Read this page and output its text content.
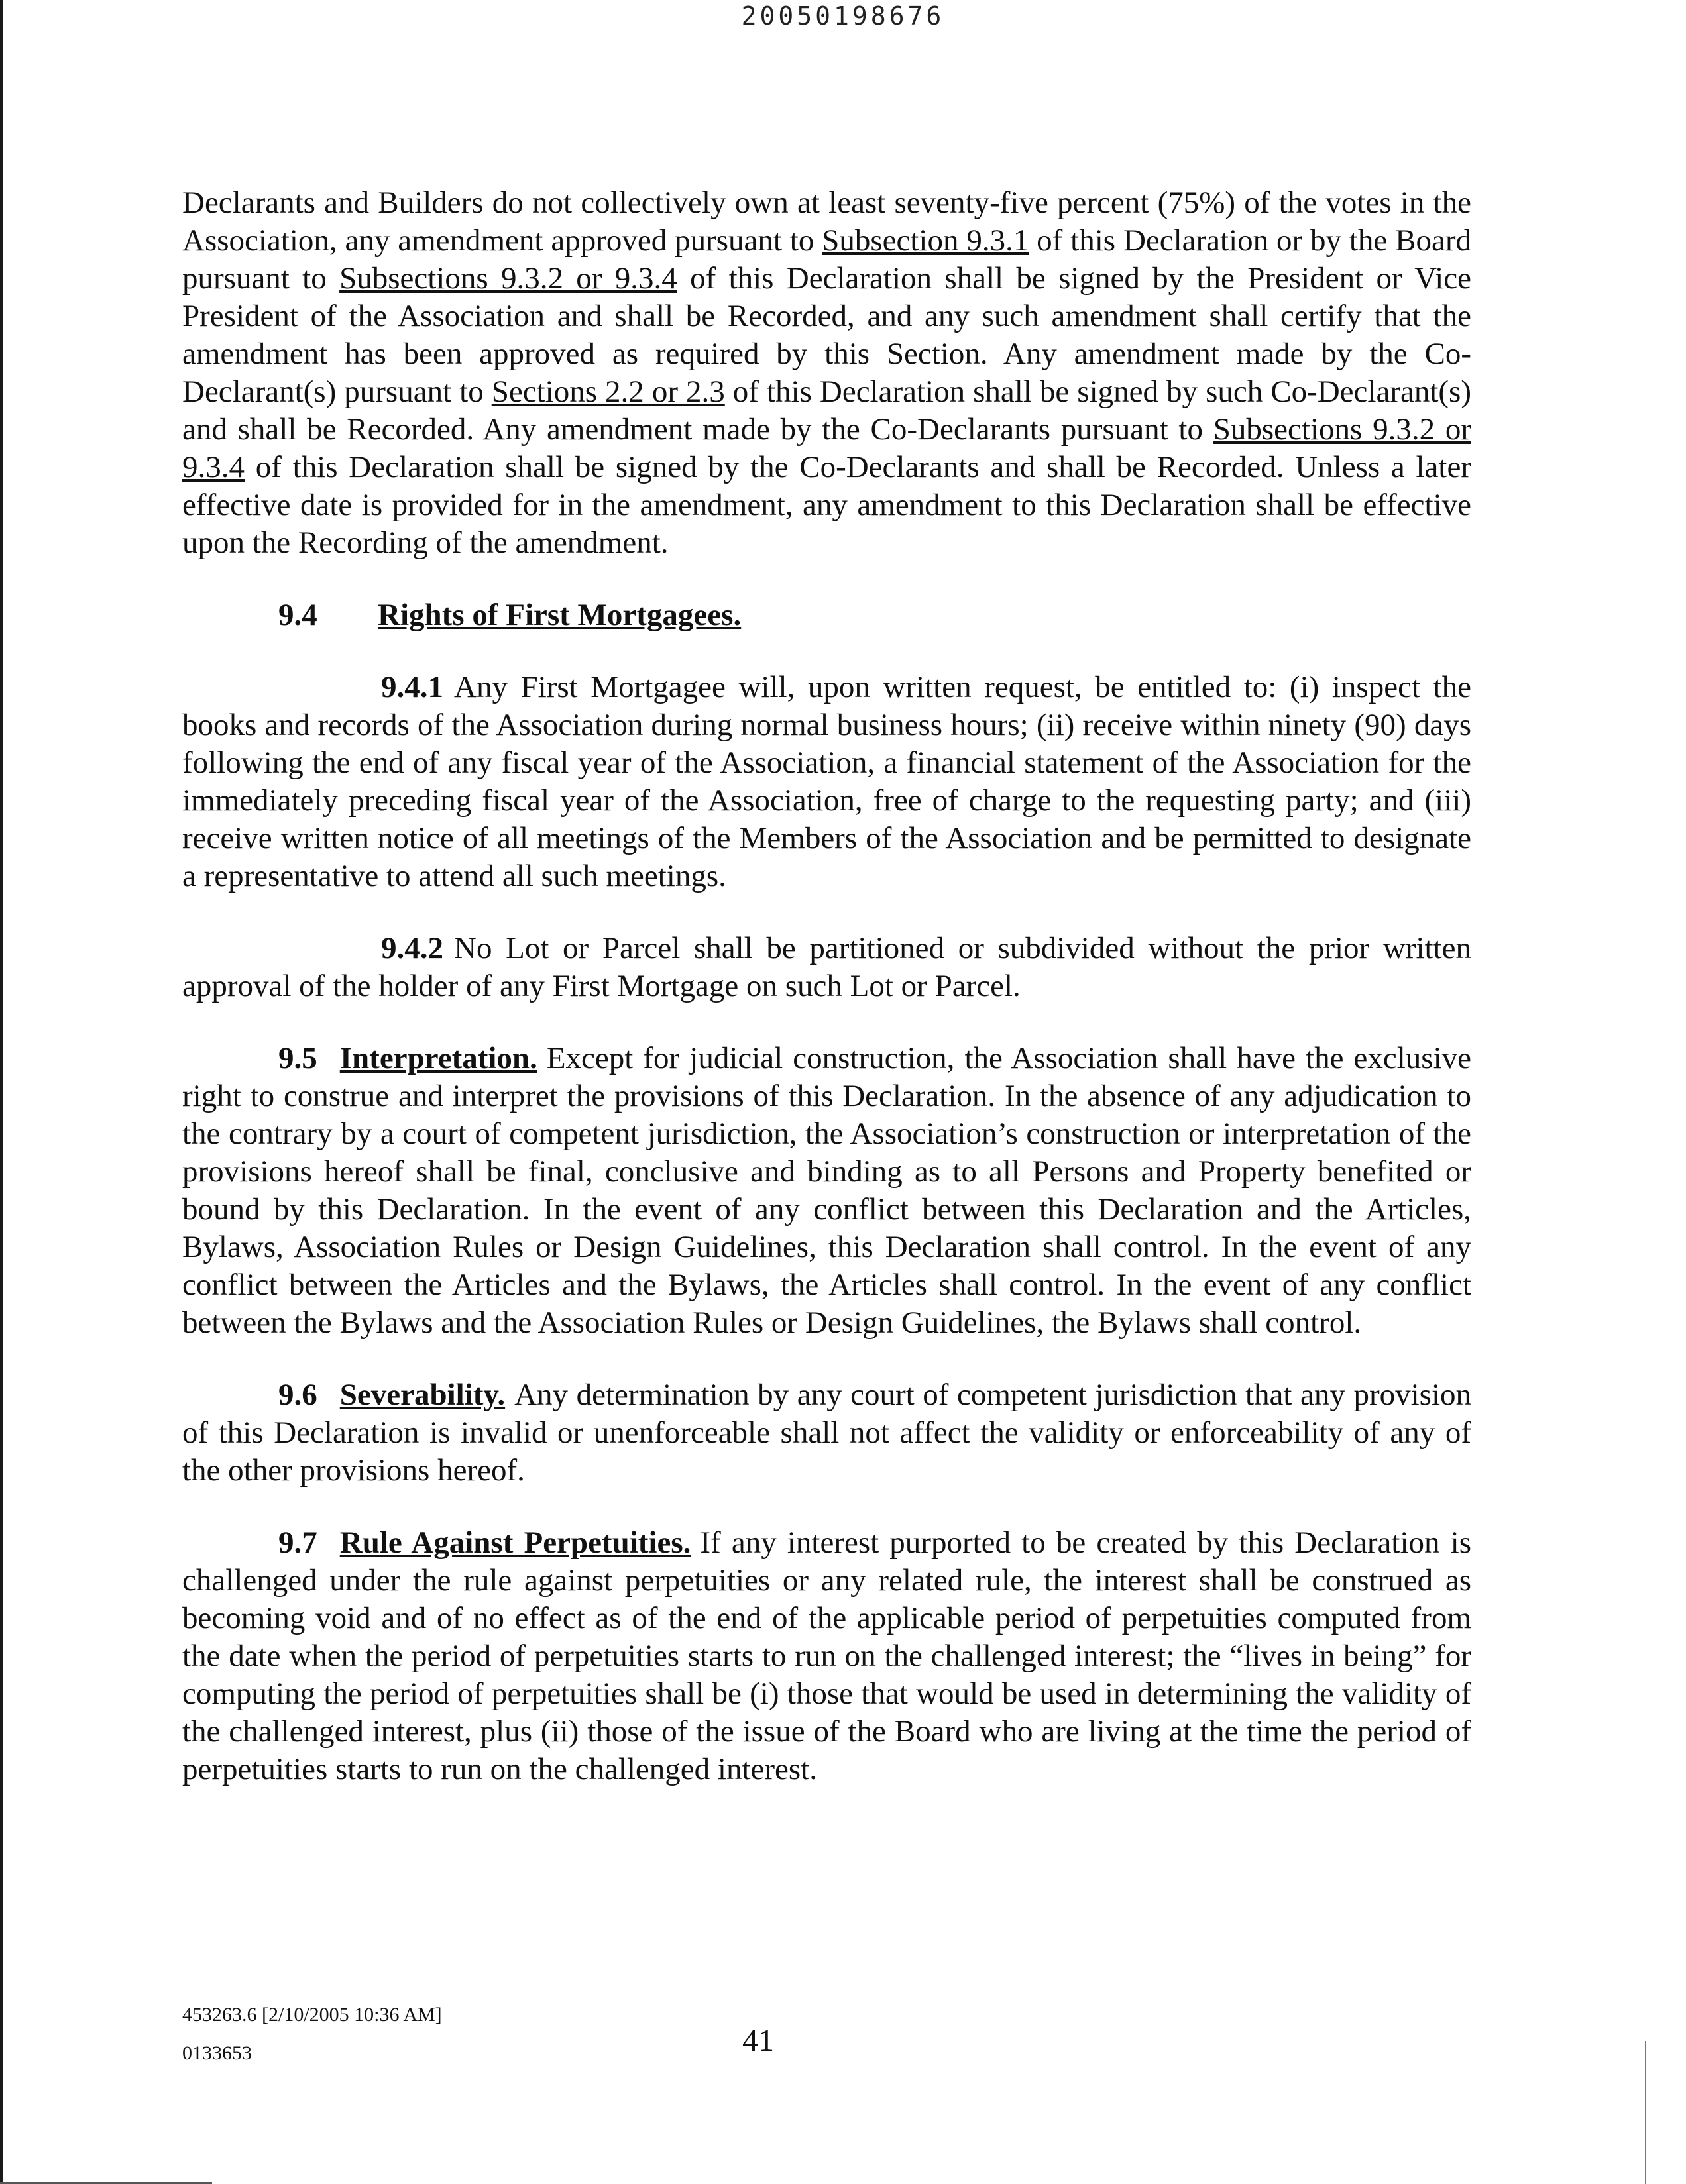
20050198676

Declarants and Builders do not collectively own at least seventy-five percent (75%) of the votes in the Association, any amendment approved pursuant to Subsection 9.3.1 of this Declaration or by the Board pursuant to Subsections 9.3.2 or 9.3.4 of this Declaration shall be signed by the President or Vice President of the Association and shall be Recorded, and any such amendment shall certify that the amendment has been approved as required by this Section. Any amendment made by the Co-Declarant(s) pursuant to Sections 2.2 or 2.3 of this Declaration shall be signed by such Co-Declarant(s) and shall be Recorded. Any amendment made by the Co-Declarants pursuant to Subsections 9.3.2 or 9.3.4 of this Declaration shall be signed by the Co-Declarants and shall be Recorded. Unless a later effective date is provided for in the amendment, any amendment to this Declaration shall be effective upon the Recording of the amendment.

9.4 Rights of First Mortgagees.

9.4.1 Any First Mortgagee will, upon written request, be entitled to: (i) inspect the books and records of the Association during normal business hours; (ii) receive within ninety (90) days following the end of any fiscal year of the Association, a financial statement of the Association for the immediately preceding fiscal year of the Association, free of charge to the requesting party; and (iii) receive written notice of all meetings of the Members of the Association and be permitted to designate a representative to attend all such meetings.

9.4.2 No Lot or Parcel shall be partitioned or subdivided without the prior written approval of the holder of any First Mortgage on such Lot or Parcel.

9.5 Interpretation. Except for judicial construction, the Association shall have the exclusive right to construe and interpret the provisions of this Declaration. In the absence of any adjudication to the contrary by a court of competent jurisdiction, the Association’s construction or interpretation of the provisions hereof shall be final, conclusive and binding as to all Persons and Property benefited or bound by this Declaration. In the event of any conflict between this Declaration and the Articles, Bylaws, Association Rules or Design Guidelines, this Declaration shall control. In the event of any conflict between the Articles and the Bylaws, the Articles shall control. In the event of any conflict between the Bylaws and the Association Rules or Design Guidelines, the Bylaws shall control.

9.6 Severability. Any determination by any court of competent jurisdiction that any provision of this Declaration is invalid or unenforceable shall not affect the validity or enforceability of any of the other provisions hereof.

9.7 Rule Against Perpetuities. If any interest purported to be created by this Declaration is challenged under the rule against perpetuities or any related rule, the interest shall be construed as becoming void and of no effect as of the end of the applicable period of perpetuities computed from the date when the period of perpetuities starts to run on the challenged interest; the “lives in being” for computing the period of perpetuities shall be (i) those that would be used in determining the validity of the challenged interest, plus (ii) those of the issue of the Board who are living at the time the period of perpetuities starts to run on the challenged interest.

453263.6 [2/10/2005 10:36 AM]
0133653	41
